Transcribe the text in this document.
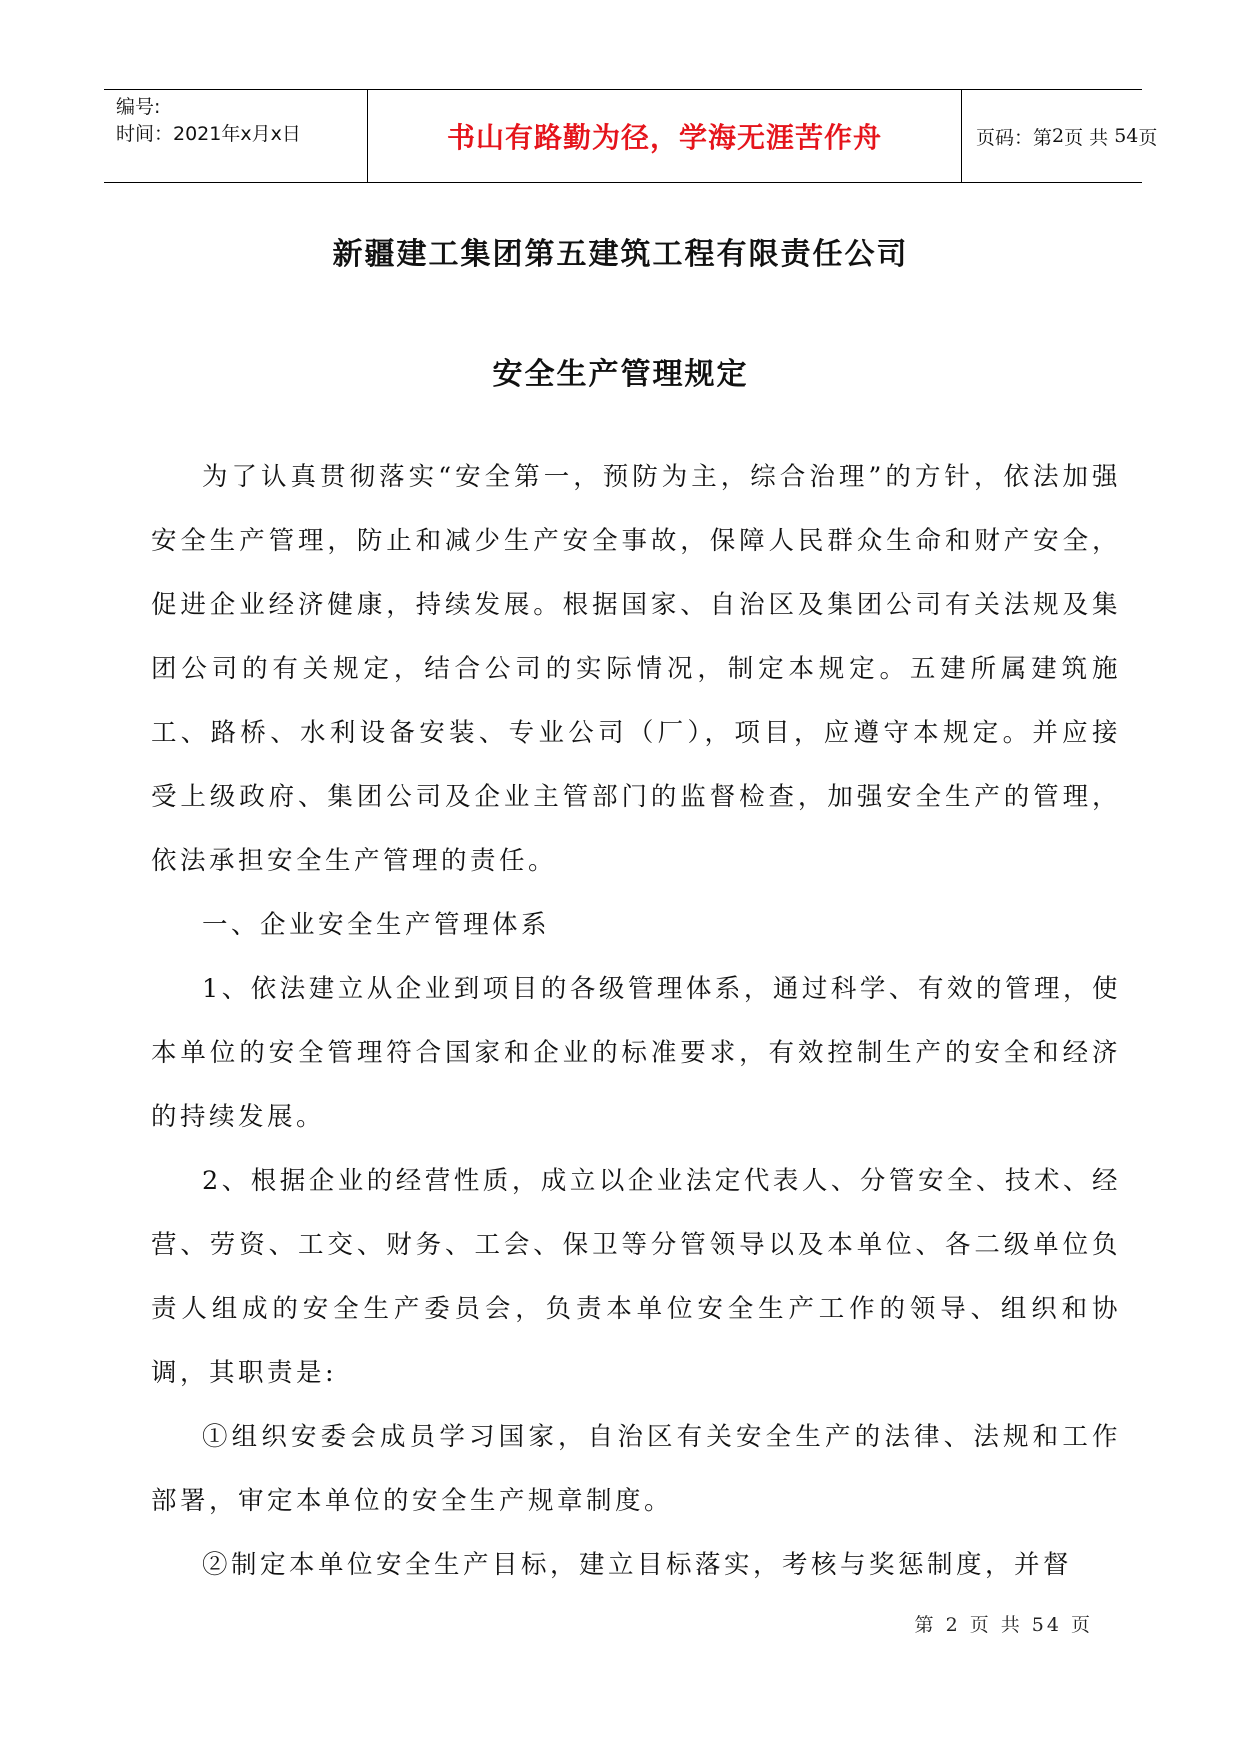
编号:
时间：2021年x月x日	书山有路勤为径，学海无涯苦作舟	页码：第 2 页 共
54 页
新疆建工集团第五建筑工程有限责任公司
安全生产管理规定

为了认真贯彻落实“安全第一，预防为主，综合治理”的方针，依法加强安全生产管理，防止和减少生产安全事故，保障人民群众生命和财产安全，促进企业经济健康，持续发展。根据国家、自治区及集团公司有关法规及集团公司的有关规定，结合公司的实际情况，制定本规定。五建所属建筑施工、路桥、水利设备安装、专业公司（厂），项目，应遵守本规定。并应接受上级政府、集团公司及企业主管部门的监督检查，加强安全生产的管理，依法承担安全生产管理的责任。

一、企业安全生产管理体系

1、依法建立从企业到项目的各级管理体系，通过科学、有效的管理，使本单位的安全管理符合国家和企业的标准要求，有效控制生产的安全和经济的持续发展。

2、根据企业的经营性质，成立以企业法定代表人、分管安全、技术、经营、劳资、工交、财务、工会、保卫等分管领导以及本单位、各二级单位负责人组成的安全生产委员会，负责本单位安全生产工作的领导、组织和协调，其职责是:

①组织安委会成员学习国家，自治区有关安全生产的法律、法规和工作部署，审定本单位的安全生产规章制度。

②制定本单位安全生产目标，建立目标落实，考核与奖惩制度，并督

第 2 页 共 54 页
